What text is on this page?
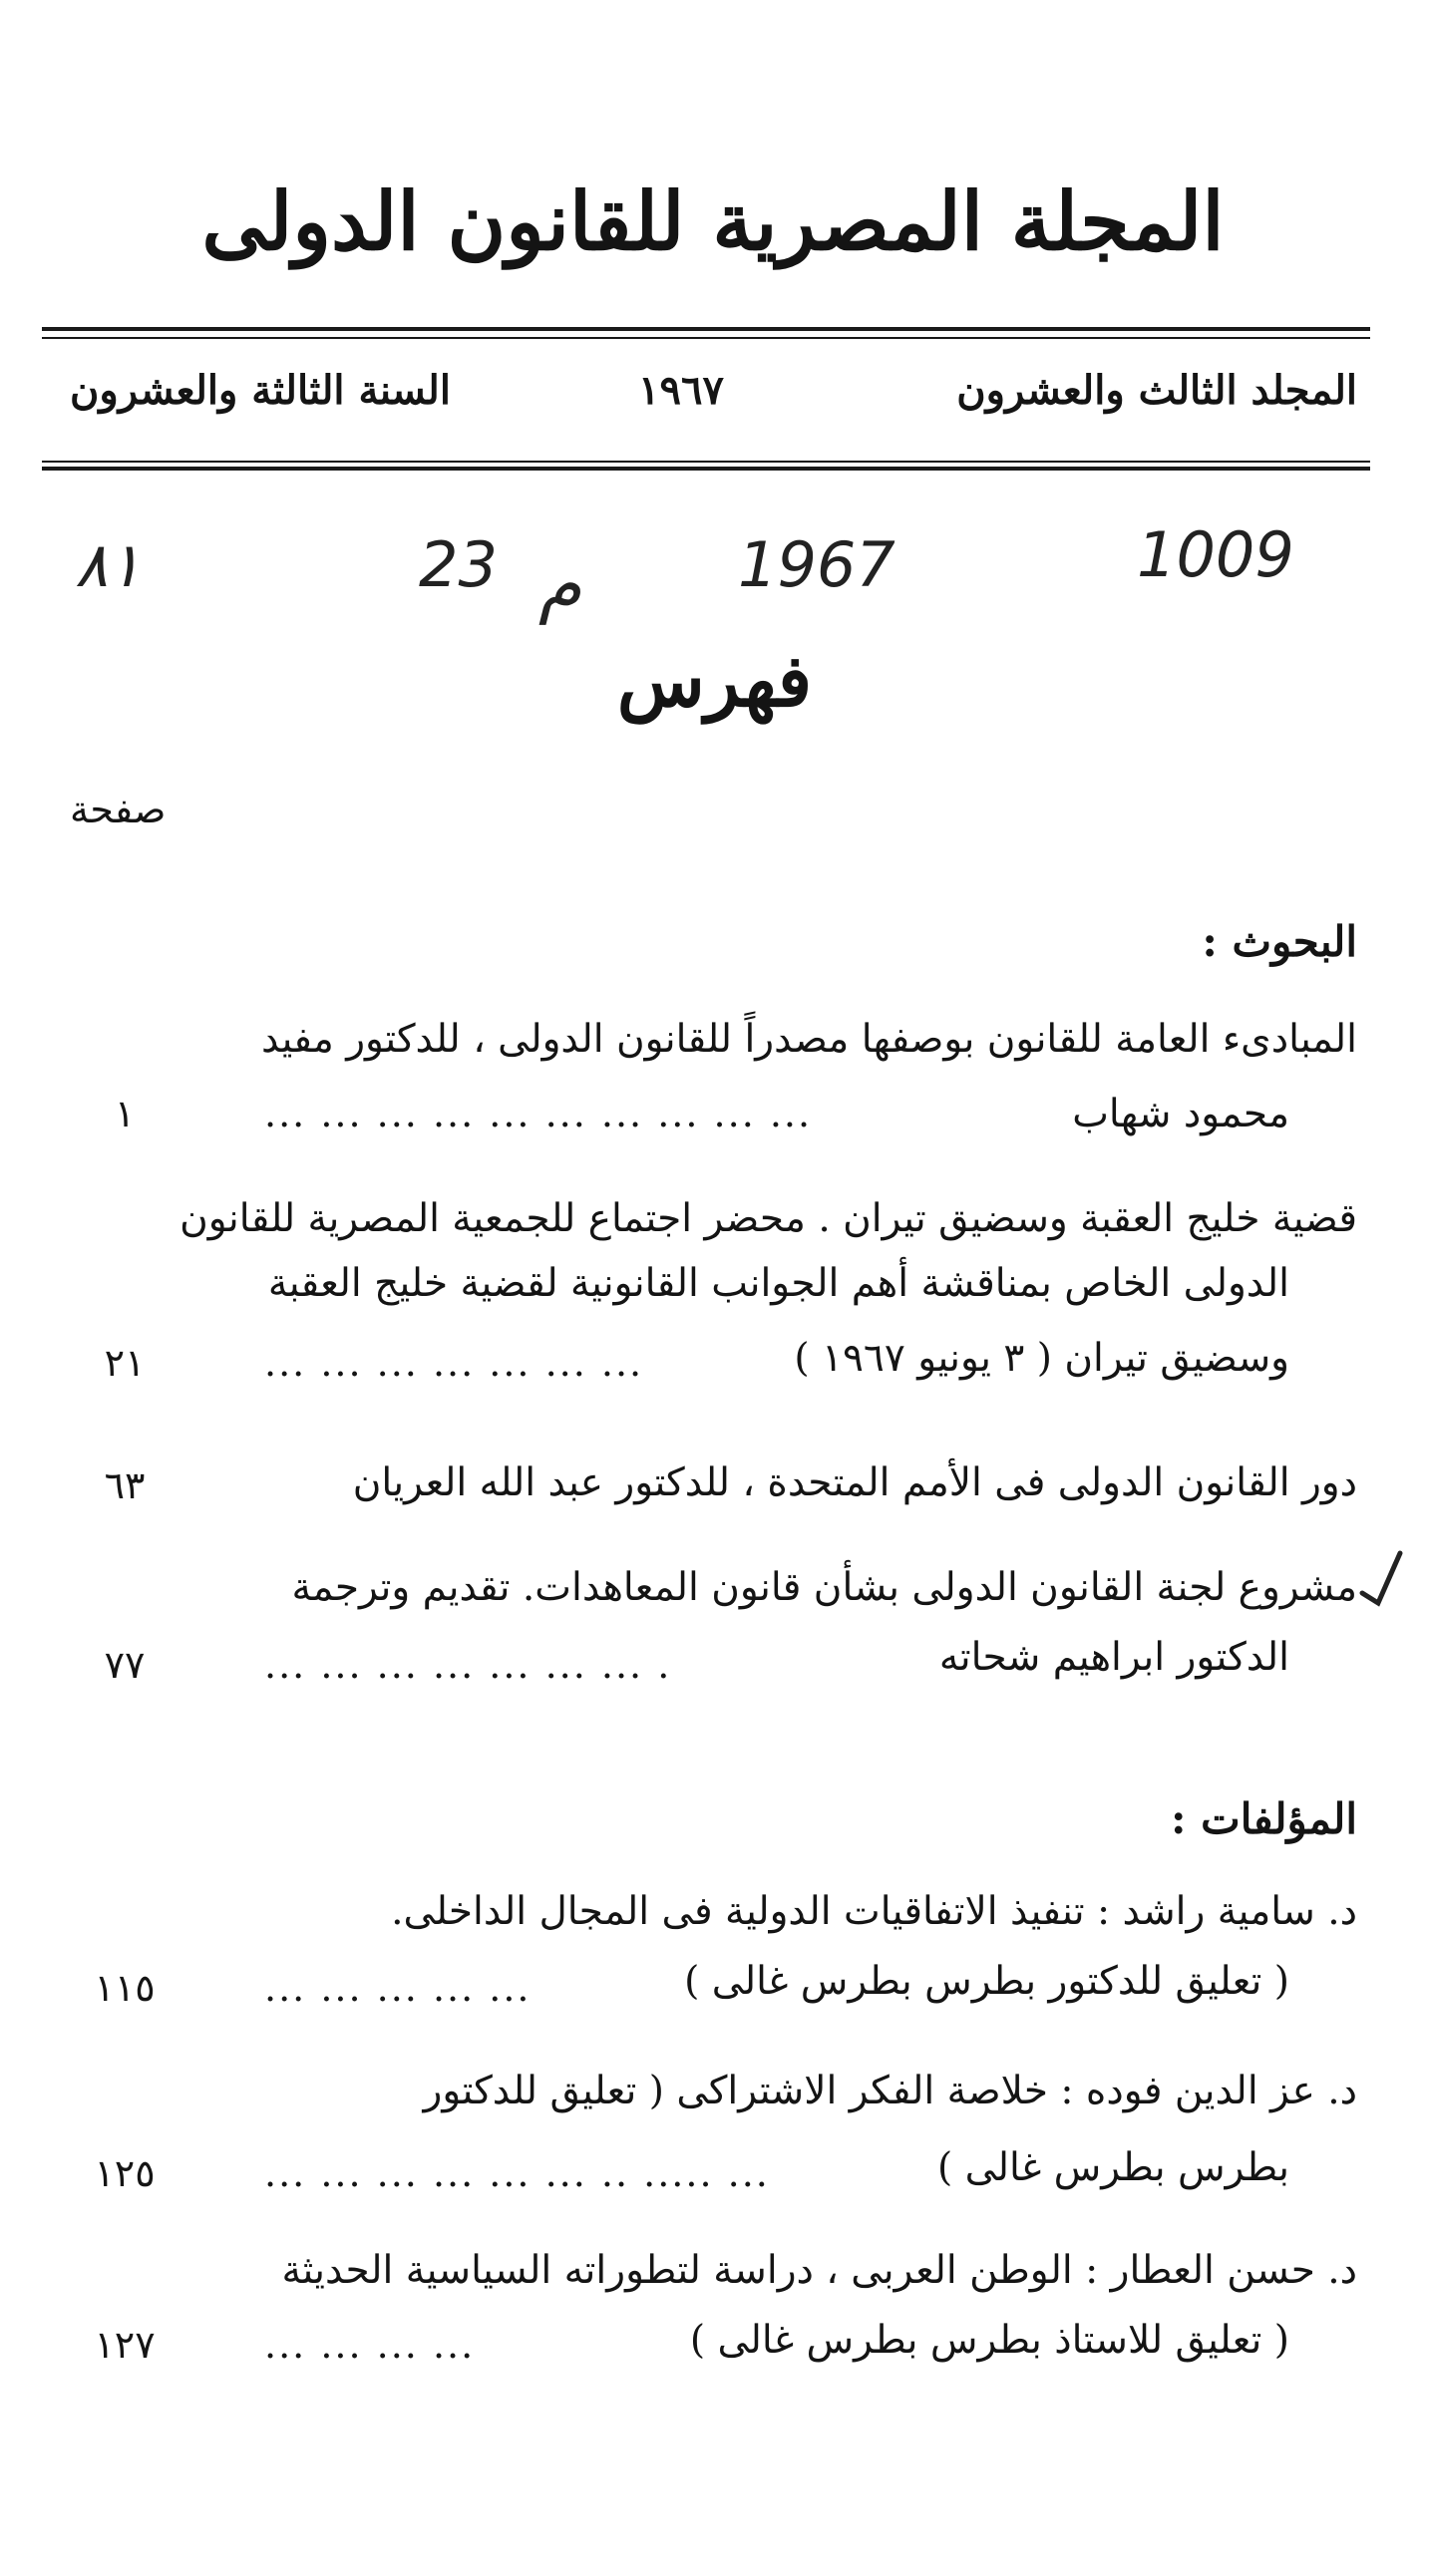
المجلة المصرية للقانون الدولى
المجلد الثالث والعشرون
١٩٦٧
السنة الثالثة والعشرون
٨١	23 م	1967	1009
فهرس
صفحة
البحوث :
المبادىء العامة للقانون بوصفها مصدراً للقانون الدولى ، للدكتور مفيد
محمود شهاب
... ... ... ... ... ... ... ... ... ...
١
قضية خليج العقبة وسضيق تيران . محضر اجتماع للجمعية المصرية للقانون
الدولى الخاص بمناقشة أهم الجوانب القانونية لقضية خليج العقبة
وسضيق تيران ( ٣ يونيو ١٩٦٧ )
... ... ... ... ... ... ...
٢١
دور القانون الدولى فى الأمم المتحدة ، للدكتور عبد الله العريان
٦٣
مشروع لجنة القانون الدولى بشأن قانون المعاهدات. تقديم وترجمة
الدكتور ابراهيم شحاته
... ... ... ... ... ... ... .
٧٧
المؤلفات :
د. سامية راشد : تنفيذ الاتفاقيات الدولية فى المجال الداخلى.
( تعليق للدكتور بطرس بطرس غالى )
... ... ... ... ...
١١٥
د. عز الدين فوده : خلاصة الفكر الاشتراكى ( تعليق للدكتور
بطرس بطرس غالى )
... ... ... ... ... ... .. ..... ...
١٢٥
د. حسن العطار : الوطن العربى ، دراسة لتطوراته السياسية الحديثة
( تعليق للاستاذ بطرس بطرس غالى )
... ... ... ...
١٢٧
